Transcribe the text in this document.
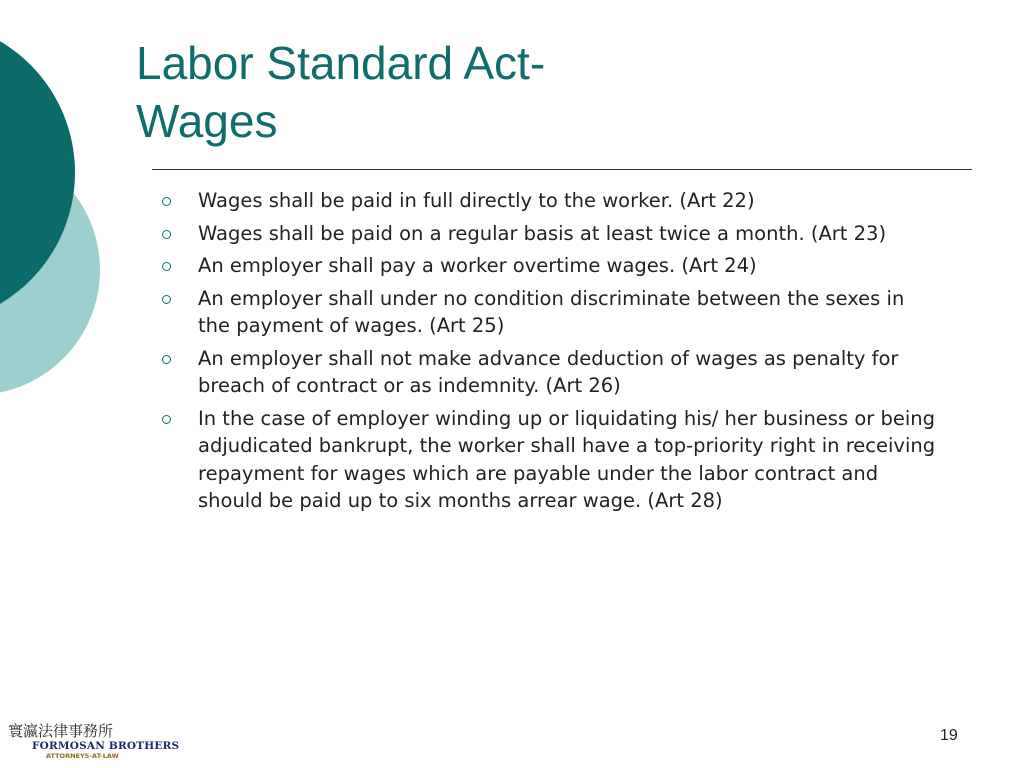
Labor Standard Act-
Wages
Wages shall be paid in full directly to the worker. (Art 22)
Wages shall be paid on a regular basis at least twice a month. (Art 23)
An employer shall pay a worker overtime wages. (Art 24)
An employer shall under no condition discriminate between the sexes in the payment of wages. (Art 25)
An employer shall not make advance deduction of wages as penalty for breach of contract or as indemnity. (Art 26)
In the case of employer winding up or liquidating his/ her business or being adjudicated bankrupt, the worker shall have a top-priority right in receiving repayment for wages which are payable under the labor contract and should be paid up to six months arrear wage. (Art 28)
寰瀛法律事務所
FORMOSAN BROTHERS
ATTORNEYS-AT-LAW
19
